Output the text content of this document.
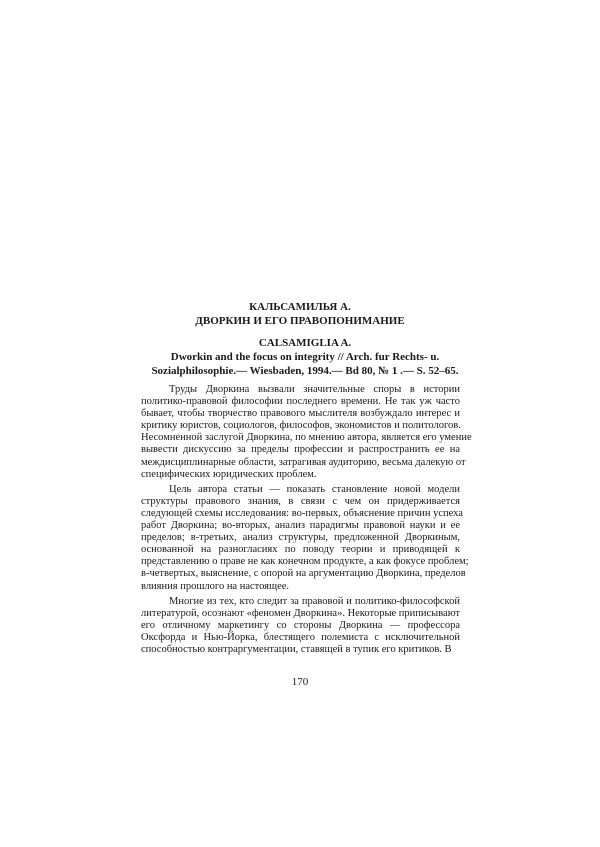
КАЛЬСАМИЛЬЯ А.
ДВОРКИН И ЕГО ПРАВОПОНИМАНИЕ
CALSAMIGLIA A.
Dworkin and the focus on integrity // Arch. fur Rechts- u.
Sozialphilosophie.— Wiesbaden, 1994.— Bd 80, № 1 .— S. 52–65.
Труды Дворкина вызвали значительные споры в истории
политико-правовой философии последнего времени. Не так уж часто
бывает, чтобы творчество правового мыслителя возбуждало интерес и
критику юристов, социологов, философов, экономистов и политологов.
Несомненной заслугой Дворкина, по мнению автора, является его умение
вывести дискуссию за пределы профессии и распространить ее на
междисциплинарные области, затрагивая аудиторию, весьма далекую от
специфических юридических проблем.
Цель автора статьи — показать становление новой модели
структуры правового знания, в связи с чем он придерживается
следующей схемы исследования: во-первых, объяснение причин успеха
работ Дворкина; во-вторых, анализ парадигмы правовой науки и ее
пределов; в-третьих, анализ структуры, предложенной Дворкиным,
основанной на разногласиях по поводу теории и приводящей к
представлению о праве не как конечном продукте, а как фокусе проблем;
в-четвертых, выяснение, с опорой на аргументацию Дворкина, пределов
влияния прошлого на настоящее.
Многие из тех, кто следит за правовой и политико-философской
литературой, осознают «феномен Дворкина». Некоторые приписывают
его отличному маркетингу со стороны Дворкина — профессора
Оксфорда и Нью-Йорка, блестящего полемиста с исключительной
способностью контраргументации, ставящей в тупик его критиков. В
170
